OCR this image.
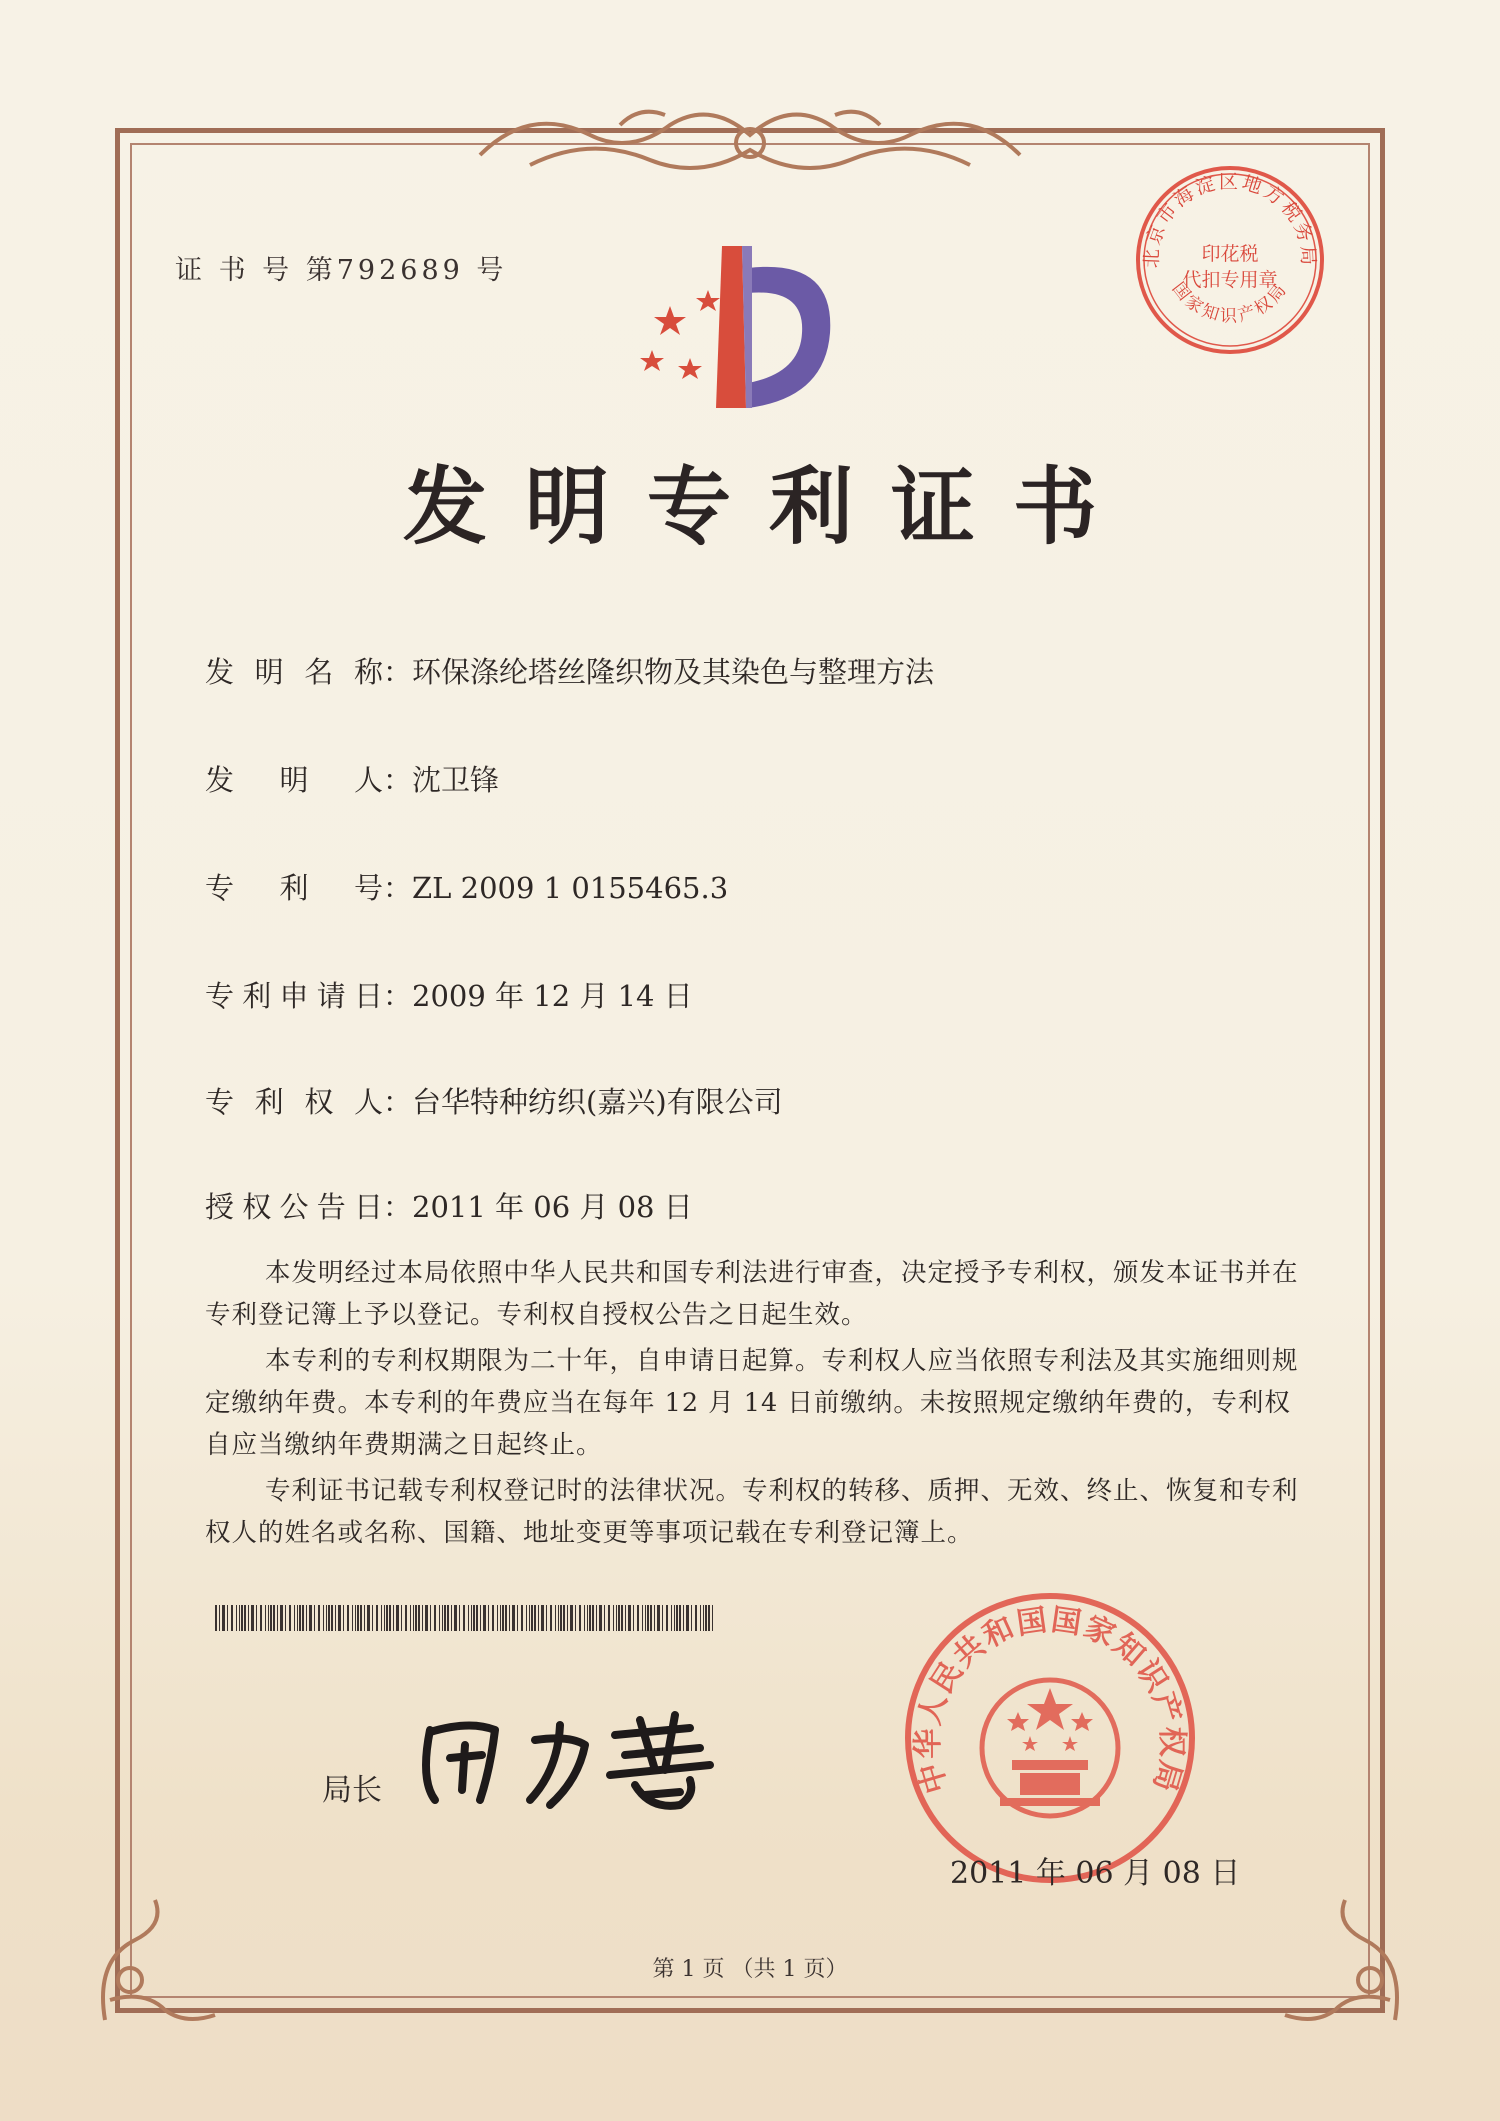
证 书 号 第792689 号
发明专利证书
发明名称：环保涤纶塔丝隆织物及其染色与整理方法
发明人：沈卫锋
专利号：ZL 2009 1 0155465.3
专利申请日：2009 年 12 月 14 日
专利权人：台华特种纺织(嘉兴)有限公司
授权公告日：2011 年 06 月 08 日
本发明经过本局依照中华人民共和国专利法进行审查，决定授予专利权，颁发本证书并在专利登记簿上予以登记。专利权自授权公告之日起生效。
本专利的专利权期限为二十年，自申请日起算。专利权人应当依照专利法及其实施细则规定缴纳年费。本专利的年费应当在每年 12 月 14 日前缴纳。未按照规定缴纳年费的，专利权自应当缴纳年费期满之日起终止。
专利证书记载专利权登记时的法律状况。专利权的转移、质押、无效、终止、恢复和专利权人的姓名或名称、国籍、地址变更等事项记载在专利登记簿上。
北京市海淀区地方税务局
国家知识产权局
印花税
代扣专用章
局长	中华人民共和国国家知识产权局
2011 年 06 月 08 日
第 1 页 （共 1 页）
